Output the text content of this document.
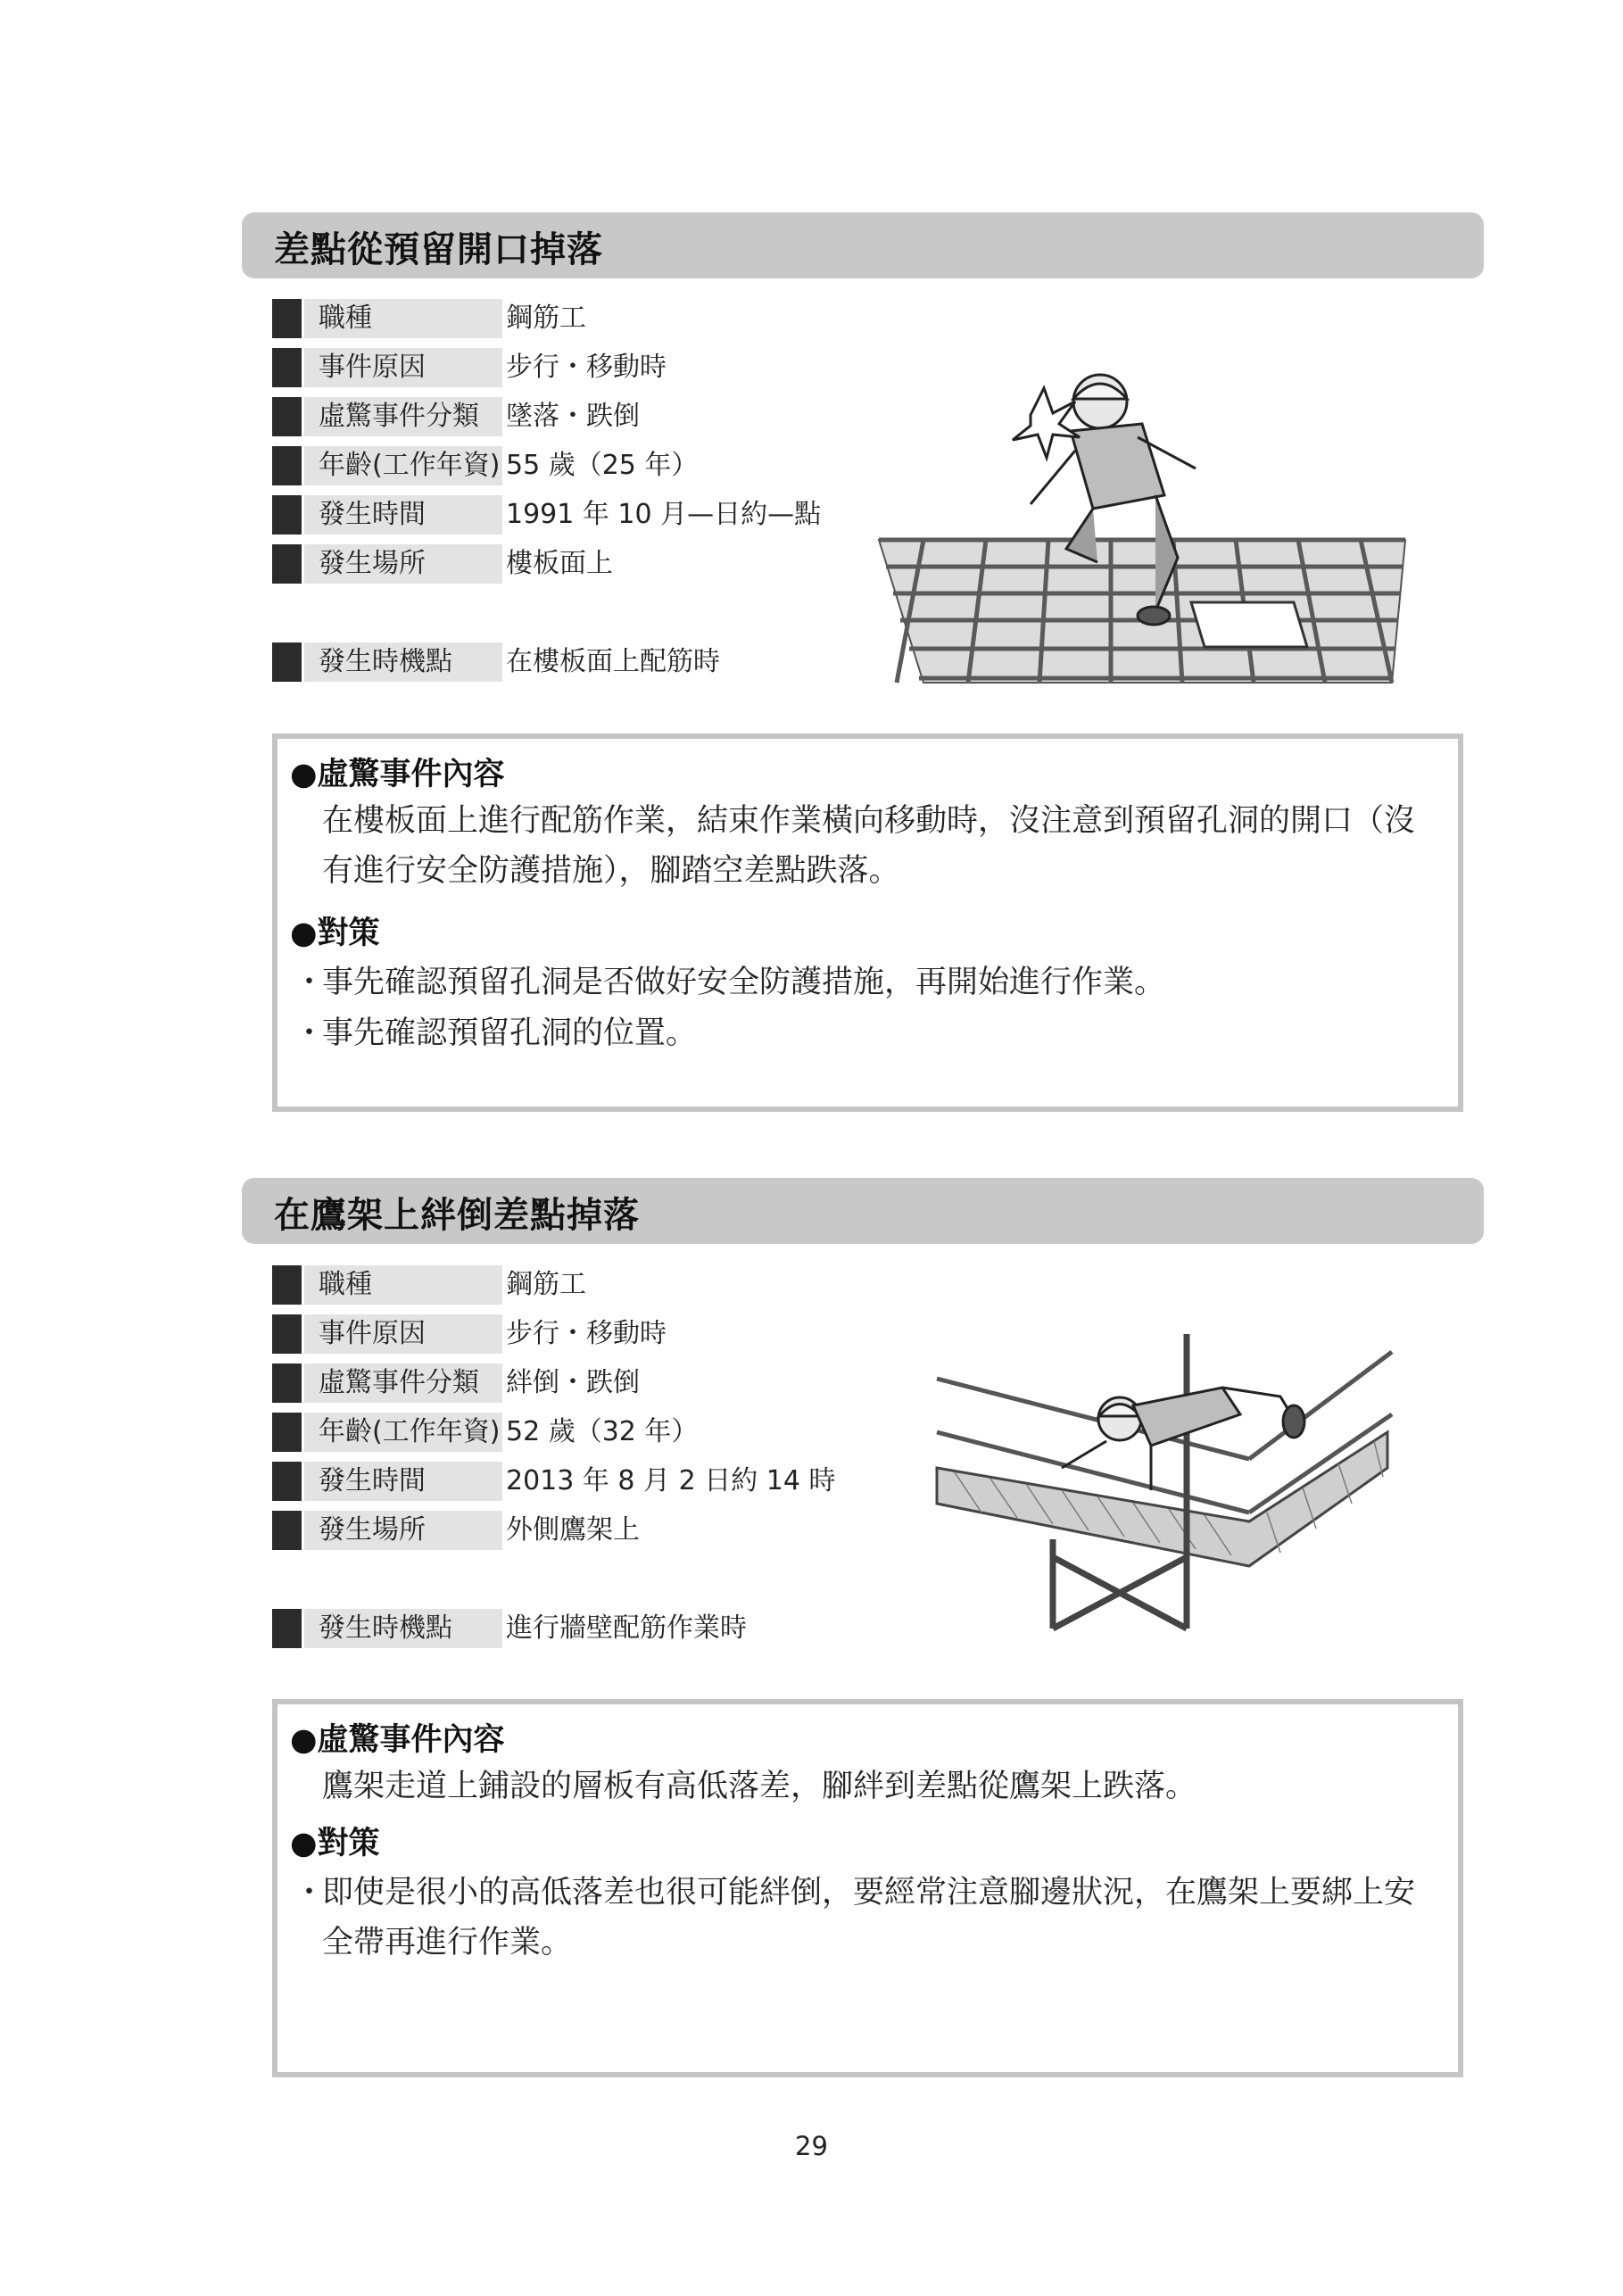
差點從預留開口掉落
職種	鋼筋工
事件原因	步行・移動時
虛驚事件分類	墜落・跌倒
年齡(工作年資) 55 歲（25 年）
發生時間	1991 年 10 月—日約—點
發生場所	樓板面上
發生時機點	在樓板面上配筋時
●虛驚事件內容
在樓板面上進行配筋作業，結束作業橫向移動時，沒注意到預留孔洞的開口（沒有進行安全防護措施），腳踏空差點跌落。
●對策
・
事先確認預留孔洞是否做好安全防護措施，再開始進行作業。
・
事先確認預留孔洞的位置。
在鷹架上絆倒差點掉落
職種	鋼筋工
事件原因	步行・移動時
虛驚事件分類	絆倒・跌倒
年齡(工作年資) 52 歲（32 年）
發生時間	2013 年 8 月 2 日約 14 時
發生場所	外側鷹架上
發生時機點	進行牆壁配筋作業時
●虛驚事件內容
鷹架走道上鋪設的層板有高低落差，腳絆到差點從鷹架上跌落。
●對策
・
即使是很小的高低落差也很可能絆倒，要經常注意腳邊狀況，在鷹架上要綁上安全帶再進行作業。
29
